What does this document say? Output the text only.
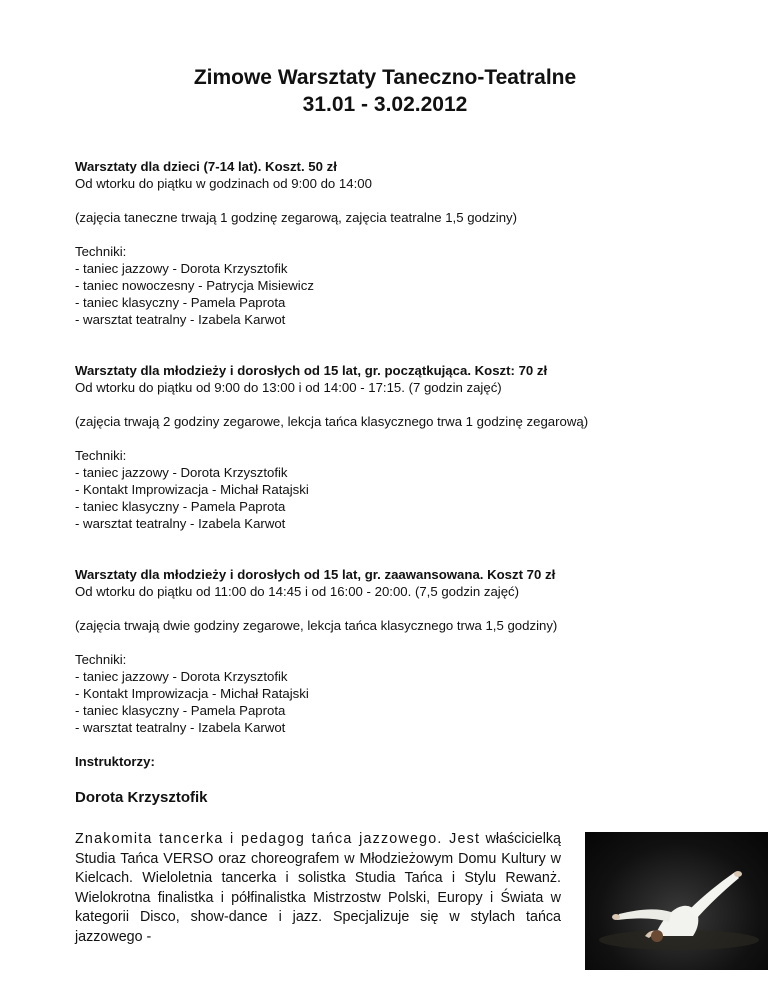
Zimowe Warsztaty Taneczno-Teatralne
31.01 - 3.02.2012
Warsztaty dla dzieci (7-14 lat). Koszt. 50 zł
Od wtorku do piątku w godzinach od 9:00 do 14:00
(zajęcia taneczne trwają 1 godzinę zegarową, zajęcia teatralne 1,5 godziny)
Techniki:
- taniec jazzowy - Dorota Krzysztofik
- taniec nowoczesny - Patrycja Misiewicz
- taniec klasyczny - Pamela Paprota
- warsztat teatralny - Izabela Karwot
Warsztaty dla młodzieży i dorosłych od 15 lat, gr. początkująca. Koszt: 70 zł
Od wtorku do piątku od 9:00 do 13:00 i od 14:00 - 17:15. (7 godzin zajęć)
(zajęcia trwają 2 godziny zegarowe, lekcja tańca klasycznego trwa 1 godzinę zegarową)
Techniki:
- taniec jazzowy - Dorota Krzysztofik
- Kontakt Improwizacja - Michał Ratajski
- taniec klasyczny - Pamela Paprota
- warsztat teatralny - Izabela Karwot
Warsztaty dla młodzieży i dorosłych od 15 lat, gr. zaawansowana. Koszt 70 zł
Od wtorku do piątku od 11:00 do 14:45 i od 16:00 - 20:00. (7,5 godzin zajęć)
(zajęcia trwają dwie godziny zegarowe, lekcja tańca klasycznego trwa 1,5 godziny)
Techniki:
- taniec jazzowy - Dorota Krzysztofik
- Kontakt Improwizacja - Michał Ratajski
- taniec klasyczny - Pamela Paprota
- warsztat teatralny - Izabela Karwot
Instruktorzy:
Dorota Krzysztofik
Znakomita tancerka i pedagog tańca jazzowego. Jest właścicielką Studia Tańca VERSO oraz choreografem w Młodzieżowym Domu Kultury w Kielcach. Wieloletnia tancerka i solistka Studia Tańca i Stylu Rewanż. Wielokrotna finalistka i półfinalistka Mistrzostw Polski, Europy i Świata w kategorii Disco, show-dance i jazz. Specjalizuje się w stylach tańca jazzowego -
